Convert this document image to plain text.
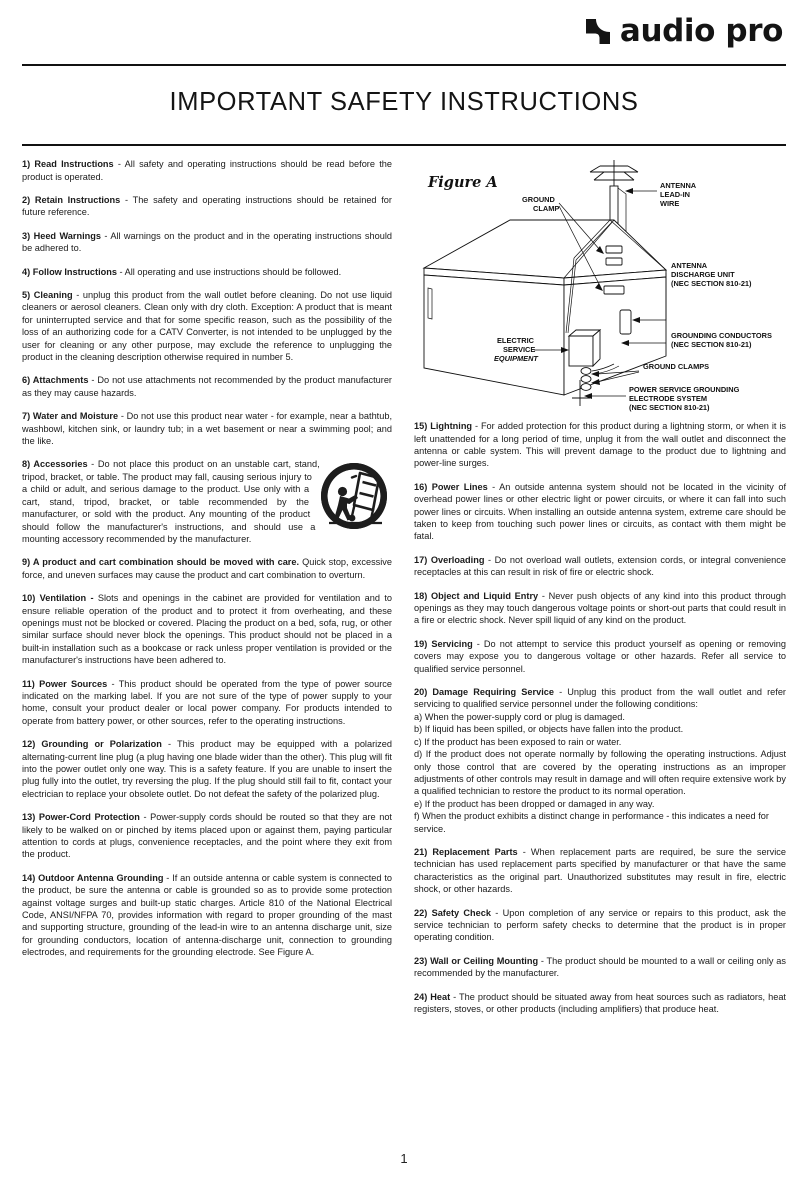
audio pro
IMPORTANT SAFETY INSTRUCTIONS

1) Read Instructions - All safety and operating instructions should be read before the product is operated.

2) Retain Instructions - The safety and operating instructions should be retained for future reference.

3) Heed Warnings - All warnings on the product and in the operating instructions should be adhered to.

4) Follow Instructions - All operating and use instructions should be followed.

5) Cleaning - unplug this product from the wall outlet before cleaning. Do not use liquid cleaners or aerosol cleaners. Clean only with dry cloth. Exception: A product that is meant for uninterrupted service and that for some specific reason, such as the possibility of the loss of an authorizing code for a CATV Converter, is not intended to be unplugged by the user for cleaning or any other purpose, may exclude the reference to unplugging the product in the cleaning description otherwise required in number 5.

6) Attachments - Do not use attachments not recommended by the product manufacturer as they may cause hazards.

7) Water and Moisture - Do not use this product near water - for example, near a bathtub, washbowl, kitchen sink, or laundry tub; in a wet basement or near a swimming pool; and the like.

8) Accessories - Do not place this product on an unstable cart, stand, tripod, bracket, or table. The product may fall, causing serious injury to a child or adult, and serious damage to the product. Use only with a cart, stand, tripod, bracket, or table recommended by the manufacturer, or sold with the product. Any mounting of the product should follow the manufacturer's instructions, and should use a mounting accessory recommended by the manufacturer.

9) A product and cart combination should be moved with care. Quick stop, excessive force, and uneven surfaces may cause the product and cart combination to overturn.

10) Ventilation - Slots and openings in the cabinet are provided for ventilation and to ensure reliable operation of the product and to protect it from overheating, and these openings must not be blocked or covered. Placing the product on a bed, sofa, rug, or other similar surface should never block the openings. This product should not be placed in a built-in installation such as a bookcase or rack unless proper ventilation is provided or the manufacturer's instructions have been adhered to.

11) Power Sources - This product should be operated from the type of power source indicated on the marking label. If you are not sure of the type of power supply to your home, consult your product dealer or local power company. For products intended to operate from battery power, or other sources, refer to the operating instructions.

12) Grounding or Polarization - This product may be equipped with a polarized alternating-current line plug (a plug having one blade wider than the other). This plug will fit into the power outlet only one way. This is a safety feature. If you are unable to insert the plug fully into the outlet, try reversing the plug. If the plug should still fail to fit, contact your electrician to replace your obsolete outlet. Do not defeat the safety of the polarized plug.

13) Power-Cord Protection - Power-supply cords should be routed so that they are not likely to be walked on or pinched by items placed upon or against them, paying particular attention to cords at plugs, convenience receptacles, and the point where they exit from the product.

14) Outdoor Antenna Grounding - If an outside antenna or cable system is connected to the product, be sure the antenna or cable is grounded so as to provide some protection against voltage surges and built-up static charges. Article 810 of the National Electrical Code, ANSI/NFPA 70, provides information with regard to proper grounding of the mast and supporting structure, grounding of the lead-in wire to an antenna discharge unit, size for grounding conductors, location of antenna-discharge unit, connection to grounding electrodes, and requirements for the grounding electrode. See Figure A.

Figure A	ANTENNA
LEAD-IN
WIRE
GROUND
CLAMP
ANTENNA
DISCHARGE UNIT
(NEC SECTION 810-21)
GROUNDING CONDUCTORS
(NEC SECTION 810-21)
ELECTRIC
SERVICE
EQUIPMENT
GROUND CLAMPS
POWER SERVICE GROUNDING
ELECTRODE SYSTEM
(NEC SECTION 810-21)

15) Lightning - For added protection for this product during a lightning storm, or when it is left unattended for a long period of time, unplug it from the wall outlet and disconnect the antenna or cable system. This will prevent damage to the product due to lightning and power-line surges.

16) Power Lines - An outside antenna system should not be located in the vicinity of overhead power lines or other electric light or power circuits, or where it can fall into such power lines or circuits. When installing an outside antenna system, extreme care should be taken to keep from touching such power lines or circuits, as contact with them might be fatal.

17) Overloading - Do not overload wall outlets, extension cords, or integral convenience receptacles at this can result in risk of fire or electric shock.

18) Object and Liquid Entry - Never push objects of any kind into this product through openings as they may touch dangerous voltage points or short-out parts that could result in a fire or electric shock. Never spill liquid of any kind on the product.

19) Servicing - Do not attempt to service this product yourself as opening or removing covers may expose you to dangerous voltage or other hazards. Refer all service to qualified service personnel.

20) Damage Requiring Service - Unplug this product from the wall outlet and refer servicing to qualified service personnel under the following conditions:

a) When the power-supply cord or plug is damaged.

b) If liquid has been spilled, or objects have fallen into the product.

c) If the product has been exposed to rain or water.

d) If the product does not operate normally by following the operating instructions. Adjust only those control that are covered by the operating instructions as an improper adjustments of other controls may result in damage and will often require extensive work by a qualified technician to restore the product to its normal operation.

e) If the product has been dropped or damaged in any way.

f) When the product exhibits a distinct change in performance - this indicates a need for service.

21) Replacement Parts - When replacement parts are required, be sure the service technician has used replacement parts specified by manufacturer or that have the same characteristics as the original part. Unauthorized substitutes may result in fire, electric shock, or other hazards.

22) Safety Check - Upon completion of any service or repairs to this product, ask the service technician to perform safety checks to determine that the product is in proper operating condition.

23) Wall or Ceiling Mounting - The product should be mounted to a wall or ceiling only as recommended by the manufacturer.

24) Heat - The product should be situated away from heat sources such as radiators, heat registers, stoves, or other products (including amplifiers) that produce heat.

1
